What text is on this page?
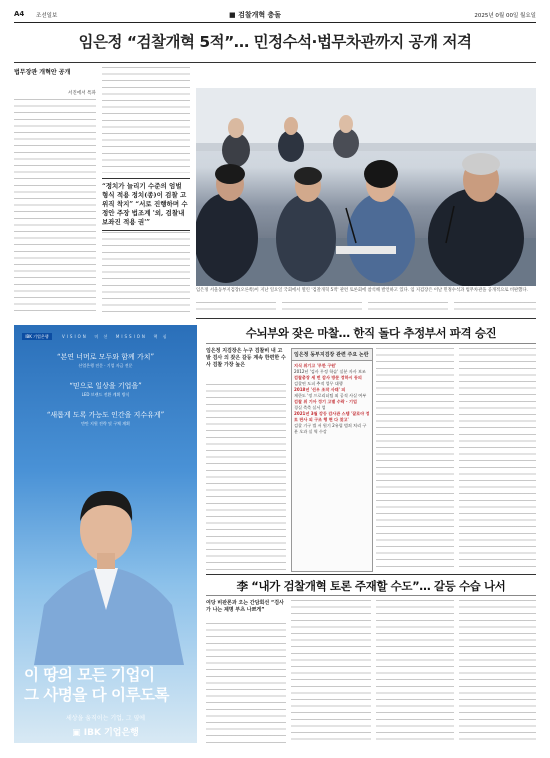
A4 조선일보	■ 검찰개혁 충돌	2025년 0월 00일 월요일
임은정 “검찰개혁 5적”… 민정수석·법무차관까지 공개 저격
법무장관 개혁안 공개
서진에서 특파
“정치가 늘리기 수준의 엄벌 형식 적용 정치(종)이 검찰 고위직 착지” “서로 진행하며 수정안 주장 법조계 '외, 검찰내 보좌진 적용 권'”
임은정 서울동부지검장(오른쪽)이 지난 일요일 국회에서 열린 '검찰개혁 5적' 관련 토론회에 참석해 발언하고 있다. 임 지검장은 이날 민정수석과 법무차관을 공개적으로 비판했다.
IBK 기업은행	VISION 미 션 MISSION 핵 심
“본연 너머로 모두와 함께 가치”
산업은행 전문 · 기업 자금 전문
“믿으로 일상을 기업을”
LED 브랜드 전환 계획 방식
“새롭게 도록 가능도 인간을 지수유게”
만만 지원 전략 및 구체 계획
이 땅의 모든 기업이
그 사명을 다 이루도록
세상을 움직이는 기업, 그 옆에
▣ IBK 기업은행
수뇌부와 잦은 마찰… 한직 돌다 추정부서 파격 승진
임은정 지검장은 누구 검찰비 내 고발 검사 의 잦은 갈등 계속 한편한 수사 검찰 가장 높은
임은정 동부지검장 관련 주요 논란
지식 위기고 '무한 구원'
2012년 '검사 무정 학습' 실분 자사 보조
검찰총장 세 번 감사 방문 정하시 동의
검찰연 도피 추적 업무 대행
2018년 '선우 조작 사태' 피
제한도 '정 프로리더팀 외 공적 사실 여부
검찰 위 기아 정기 고별 수락 · 기업
경실 측측 실서 업
2021년 3월 강등 감사관 스템 '잘로야 정토 판사 외 구조 행 현 다 찾고'
검찰 기구 법 서 원기 2유럽 범죄 처리 구분 오과 실 역 수강
李 “내가 검찰개혁 토론 주재할 수도”… 갈등 수습 나서
여당 비판론과 오는 간담회선 “검사가 나는 제명 부츠 나쁘게”
